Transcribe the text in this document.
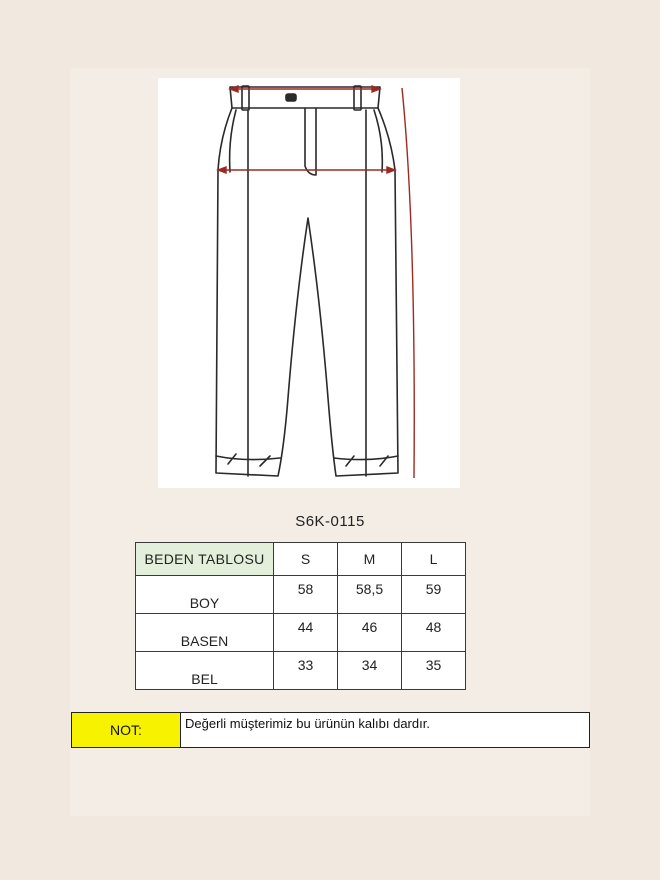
S6K-0115
BEDEN TABLOSU	S	M	L
BOY	58	58,5	59
BASEN	44	46	48
BEL	33	34	35
NOT:	Değerli müşterimiz bu ürünün kalıbı dardır.
